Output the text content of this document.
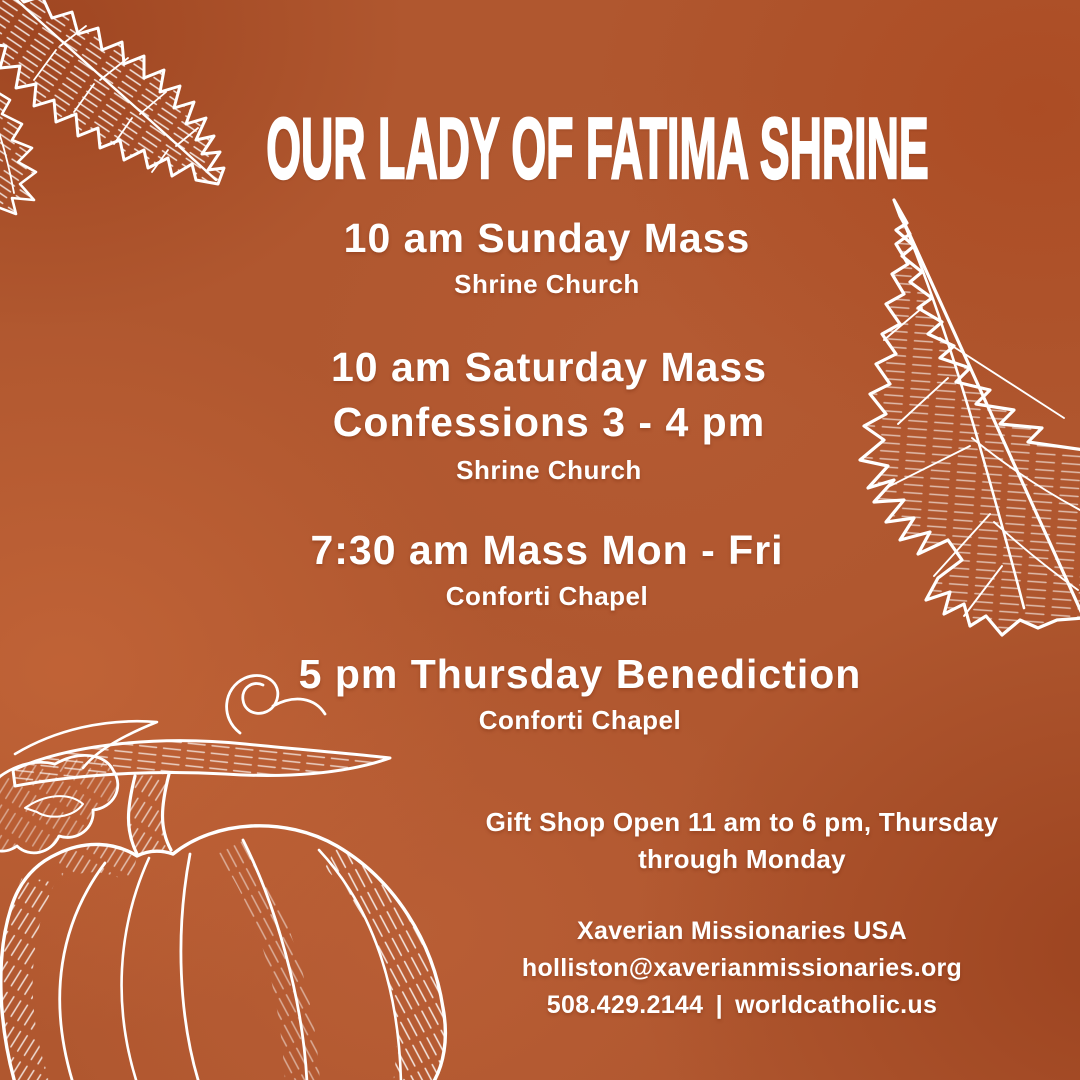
OUR LADY OF FATIMA SHRINE
10 am Sunday Mass
Shrine Church
10 am Saturday Mass
Confessions 3 - 4 pm
Shrine Church
7:30 am Mass Mon - Fri
Conforti Chapel
5 pm Thursday Benediction
Conforti Chapel
Gift Shop Open 11 am to 6 pm, Thursday
through Monday
Xaverian Missionaries USA
holliston@xaverianmissionaries.org
508.429.2144 | worldcatholic.us
